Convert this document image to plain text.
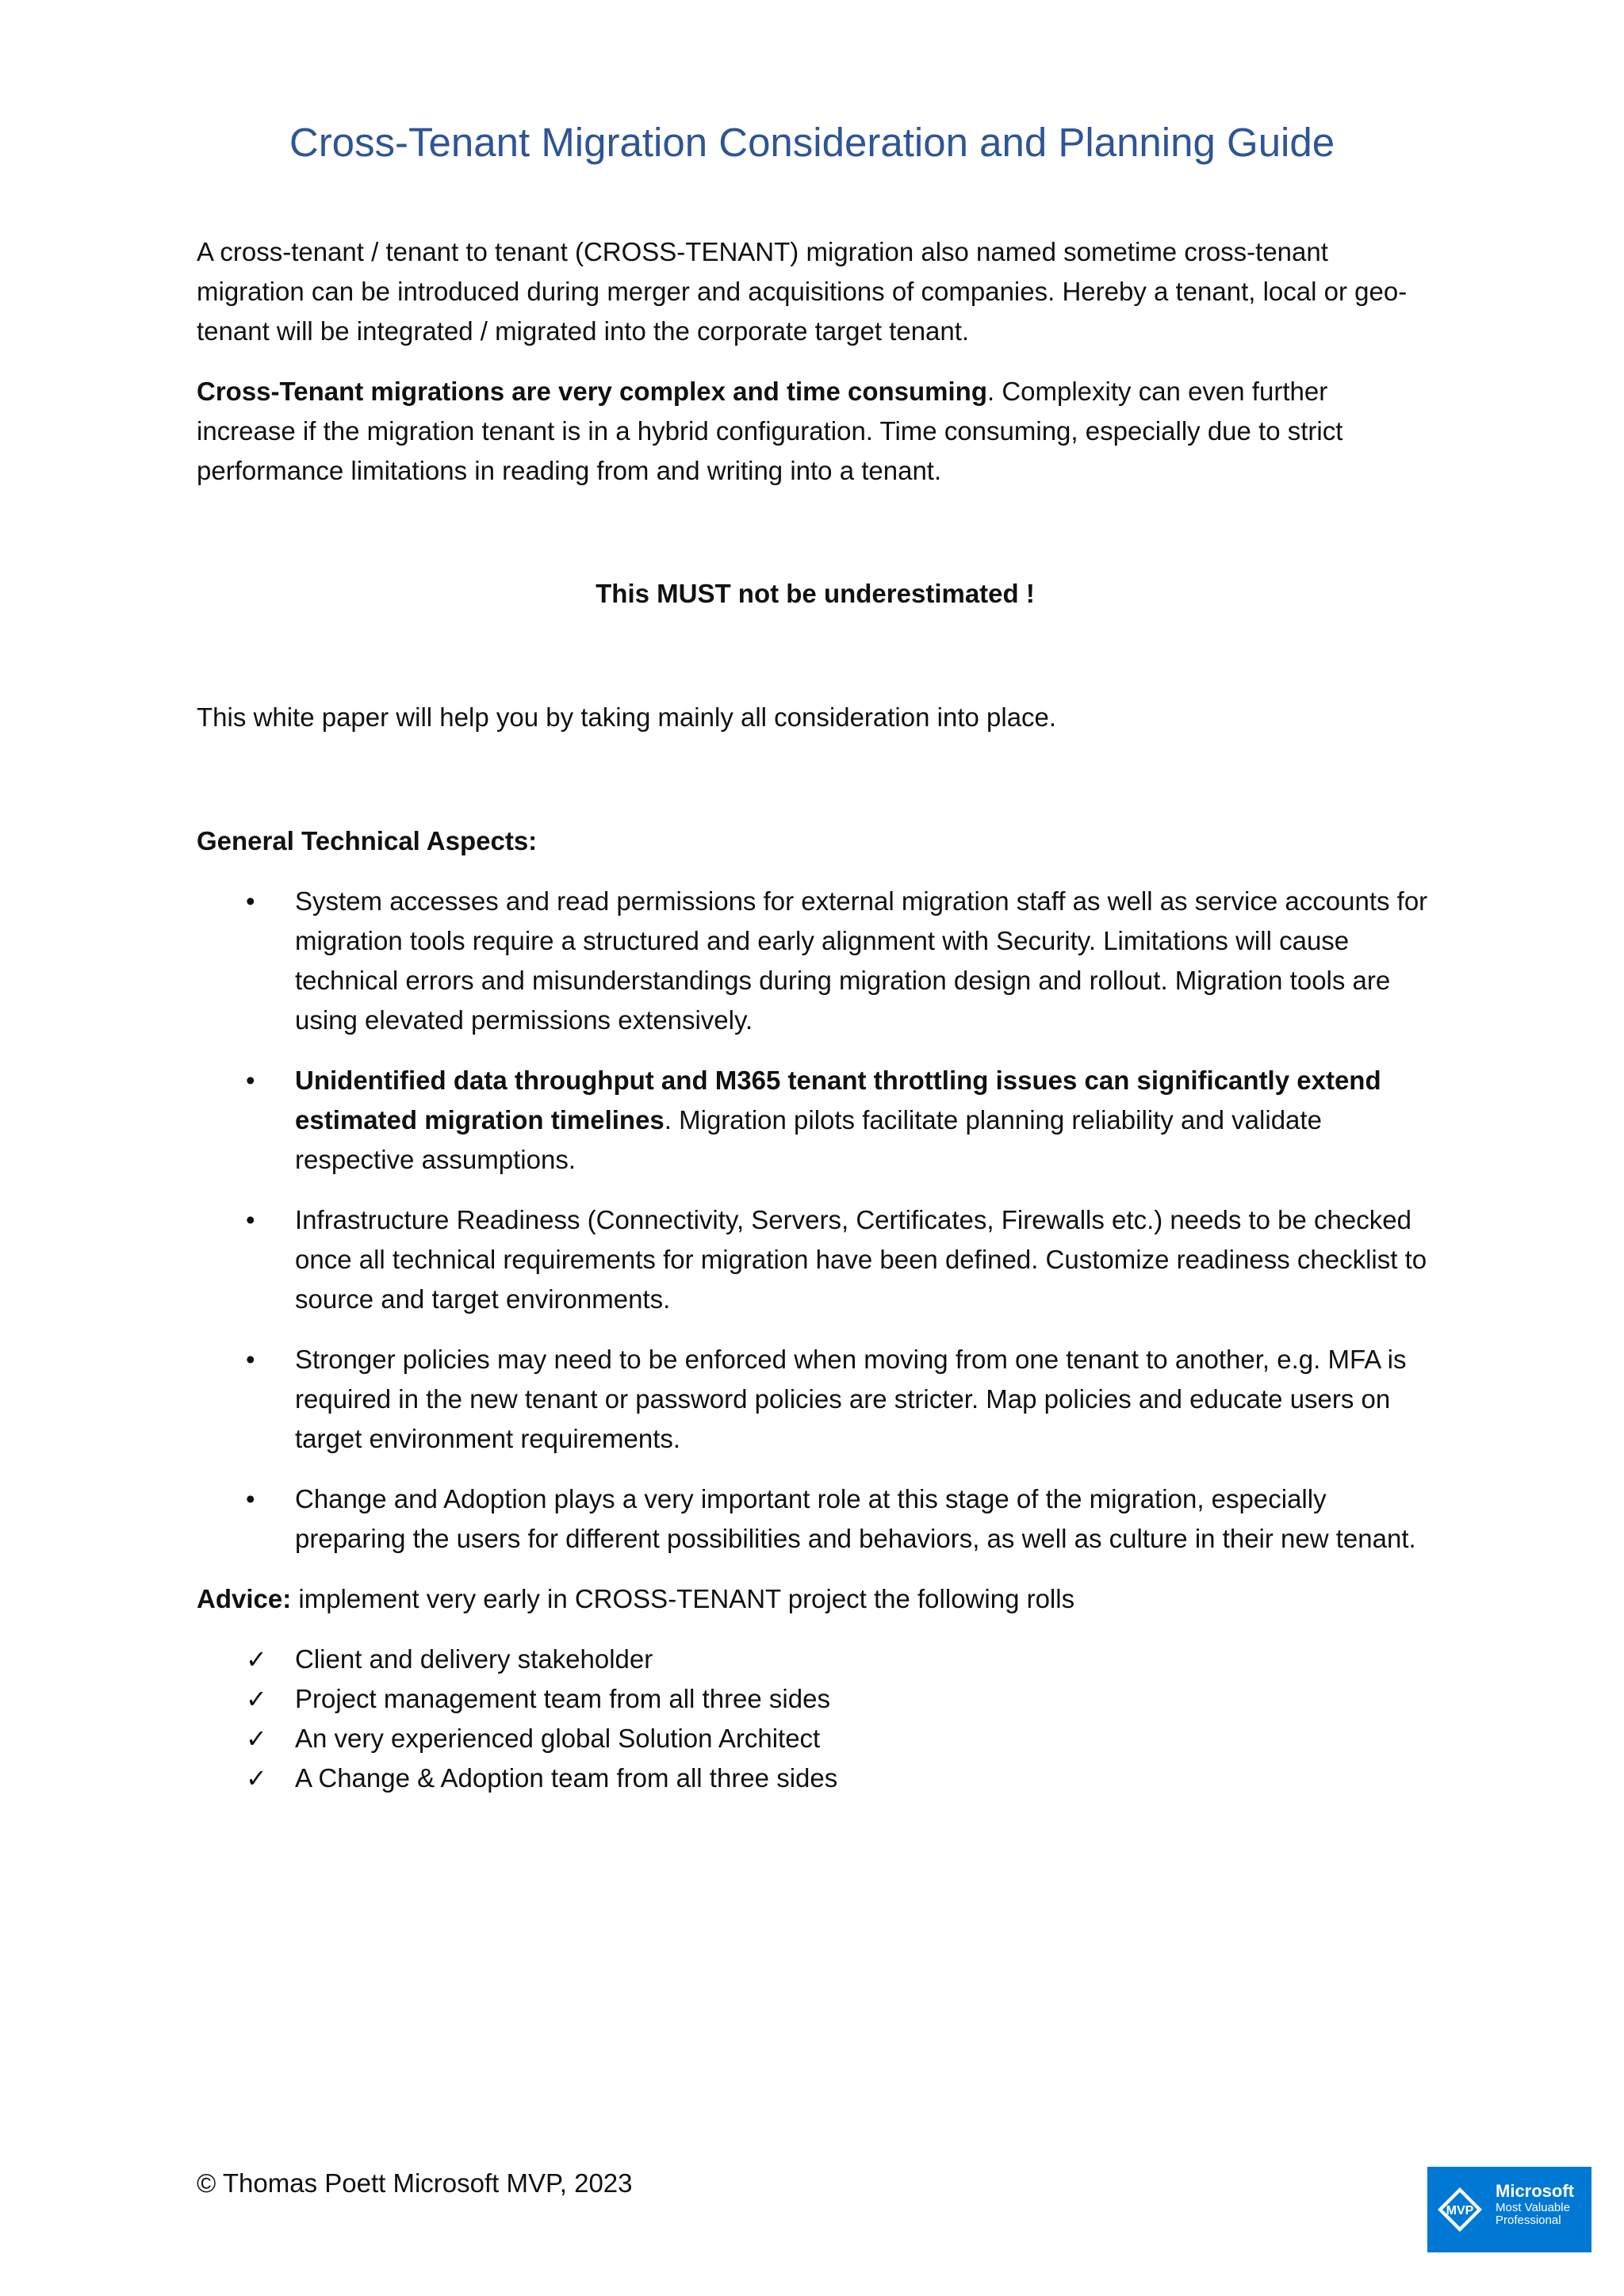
Cross-Tenant Migration Consideration and Planning Guide

A cross-tenant / tenant to tenant (CROSS-TENANT) migration also named sometime cross-tenant migration can be introduced during merger and acquisitions of companies. Hereby a tenant, local or geo-tenant will be integrated / migrated into the corporate target tenant.

Cross-Tenant migrations are very complex and time consuming. Complexity can even further increase if the migration tenant is in a hybrid configuration. Time consuming, especially due to strict performance limitations in reading from and writing into a tenant.

This MUST not be underestimated !

This white paper will help you by taking mainly all consideration into place.

General Technical Aspects:

•	System accesses and read permissions for external migration staff as well as service accounts for migration tools require a structured and early alignment with Security. Limitations will cause technical errors and misunderstandings during migration design and rollout. Migration tools are using elevated permissions extensively.
•	Unidentified data throughput and M365 tenant throttling issues can significantly extend estimated migration timelines. Migration pilots facilitate planning reliability and validate respective assumptions.
•	Infrastructure Readiness (Connectivity, Servers, Certificates, Firewalls etc.) needs to be checked once all technical requirements for migration have been defined. Customize readiness checklist to source and target environments.
•	Stronger policies may need to be enforced when moving from one tenant to another, e.g. MFA is required in the new tenant or password policies are stricter. Map policies and educate users on target environment requirements.
•	Change and Adoption plays a very important role at this stage of the migration, especially preparing the users for different possibilities and behaviors, as well as culture in their new tenant.

Advice: implement very early in CROSS-TENANT project the following rolls

✓ Client and delivery stakeholder
✓ Project management team from all three sides
✓ An very experienced global Solution Architect
✓ A Change & Adoption team from all three sides
© Thomas Poett Microsoft MVP, 2023
MVP
Microsoft
Most Valuable
Professional
